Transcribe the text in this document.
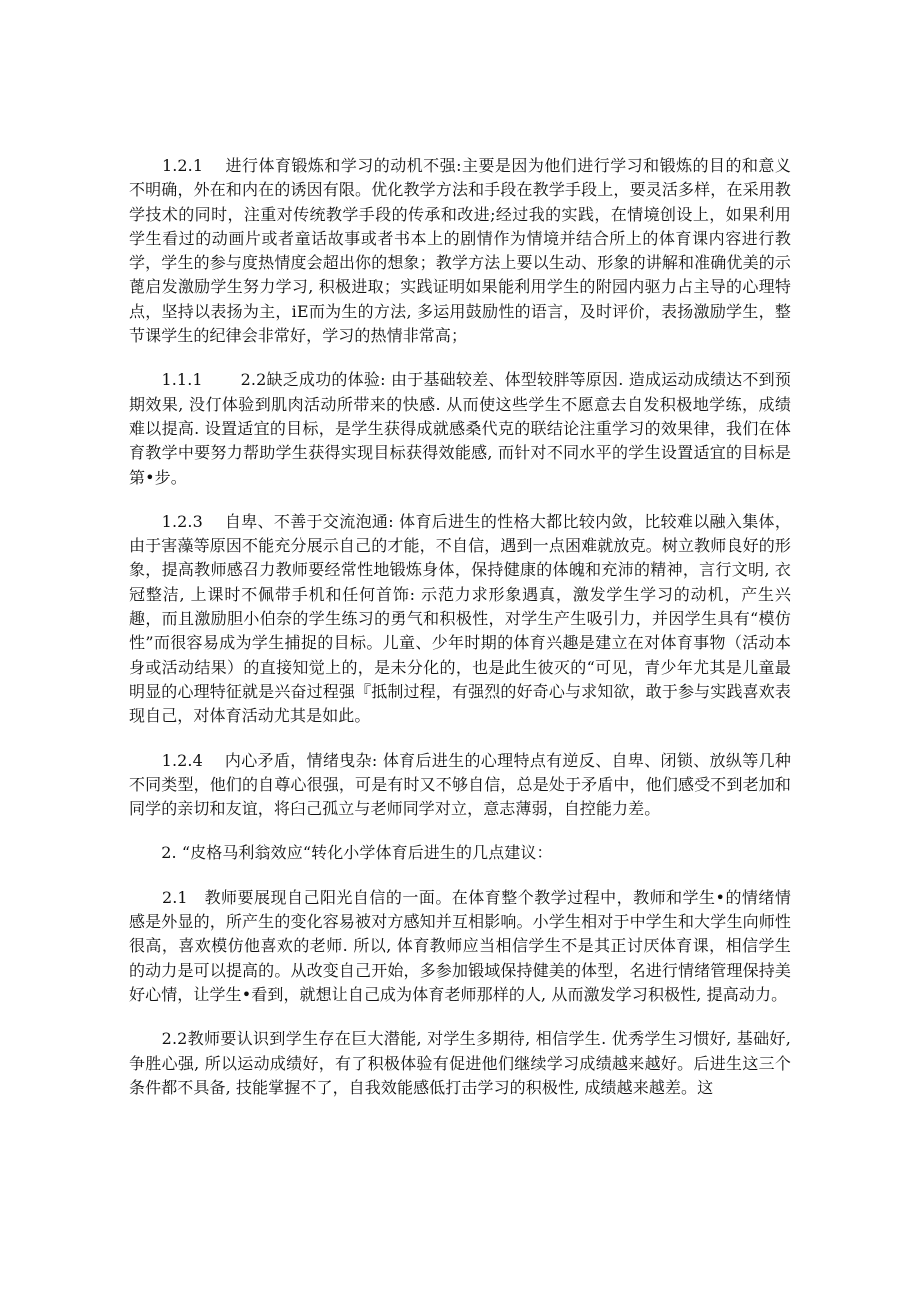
　　1.2.1　 进行体育锻炼和学习的动机不强:主要是因为他们进行学习和锻炼的目的和意义不明确，外在和内在的诱因有限。优化教学方法和手段在教学手段上，要灵活多样，在采用教学技术的同时，注重对传统教学手段的传承和改进;经过我的实践，在情境创设上，如果利用学生看过的动画片或者童话故事或者书本上的剧情作为情境并结合所上的体育课内容进行教学，学生的参与度热情度会超出你的想象；教学方法上要以生动、形象的讲解和准确优美的示蓖启发激励学生努力学习, 积极进取；实践证明如果能利用学生的附园内驱力占主导的心理特点，坚持以表扬为主，iE而为生的方法, 多运用鼓励性的语言，及时评价，表扬激励学生，整节课学生的纪律会非常好，学习的热情非常高；

　　1.1.1　　 2.2缺乏成功的体验: 由于基础较差、体型较胖等原因. 造成运动成绩达不到预期效果, 没仃体验到肌肉活动所带来的快感. 从而使这些学生不愿意去自发积极地学练，成绩难以提高. 设置适宜的目标，是学生获得成就感桑代克的联结论注重学习的效果律，我们在体育教学中要努力帮助学生获得实现目标获得效能感, 而针对不同水平的学生设置适宜的目标是第•步。

　　1.2.3　 自卑、不善于交流泡通: 体育后进生的性格大都比较内敛，比较难以融入集体，由于害藻等原因不能充分展示自己的才能，不自信，遇到一点困难就放克。树立教师良好的形象，提高教师感召力教师要经常性地锻炼身体，保持健康的体魄和充沛的精神，言行文明, 衣冠整洁, 上课时不佩带手机和任何首饰: 示范力求形象遇真，激发学生学习的动机，产生兴趣，而且激励胆小伯奈的学生练习的勇气和积极性，对学生产生吸引力，并因学生具有“模仿性”而很容易成为学生捕捉的目标。儿童、少年时期的体育兴趣是建立在对体育事物（活动本身或活动结果）的直接知觉上的，是未分化的，也是此生彼灭的“可见，青少年尤其是儿童最明显的心理特征就是兴奋过程强『抵制过程，有强烈的好奇心与求知欲，敢于参与实践喜欢表现自己，对体育活动尤其是如此。

　　1.2.4　 内心矛盾，情绪曳杂: 体育后进生的心理特点有逆反、自卑、闭锁、放纵等几种不同类型，他们的自尊心很强，可是有时又不够自信，总是处于矛盾中，他们感受不到老加和同学的亲切和友谊，将臼己孤立与老师同学对立，意志薄弱，自控能力差。

　　2. “皮格马利翁效应“转化小学体育后进生的几点建议：

　　2.1　教师要展现自己阳光自信的一面。在体育整个教学过程中，教师和学生•的情绪情感是外显的，所产生的变化容易被对方感知并互相影响。小学生相对于中学生和大学生向师性很高，喜欢模仿他喜欢的老师. 所以, 体育教师应当相信学生不是其正讨厌体育课，相信学生的动力是可以提高的。从改变自己开始，多参加锻域保持健美的体型，名进行情绪管理保持美好心情，让学生•看到，就想让自己成为体育老师那样的人, 从而激发学习积极性, 提高动力。

　　2.2教师要认识到学生存在巨大潜能, 对学生多期待, 相信学生. 优秀学生习惯好, 基础好, 争胜心强, 所以运动成绩好，有了积极体验有促进他们继续学习成绩越来越好。后进生这三个条件都不具备, 技能掌握不了，自我效能感低打击学习的积极性, 成绩越来越差。这
